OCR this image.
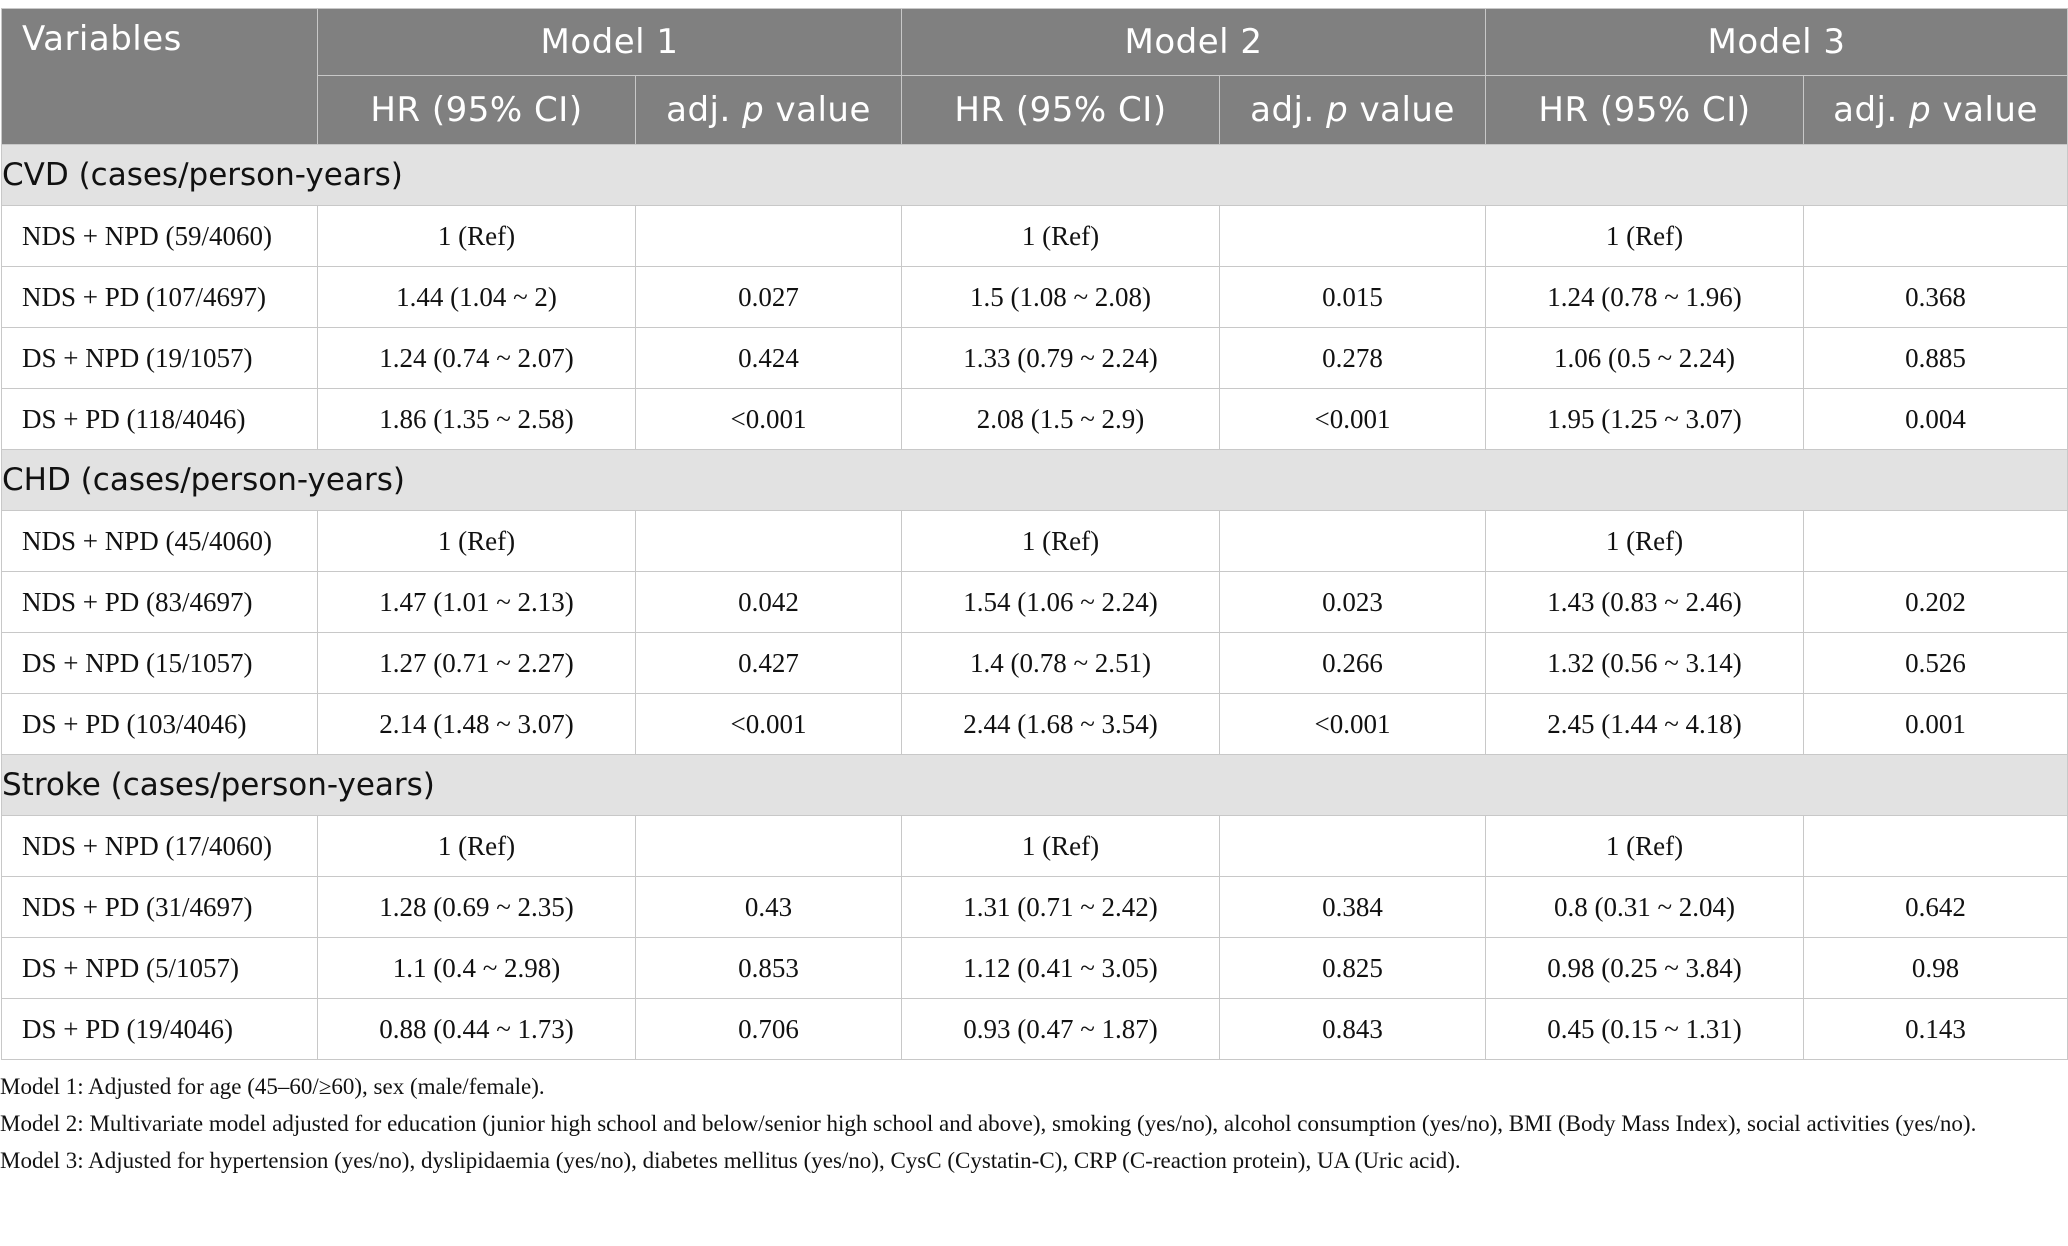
Variables	Model 1		Model 2		Model 3	
	HR (95% CI)	adj. p value	HR (95% CI)	adj. p value	HR (95% CI)	adj. p value
CVD (cases/person-years)						
NDS + NPD (59/4060)	1 (Ref)		1 (Ref)		1 (Ref)	
NDS + PD (107/4697)	1.44 (1.04 ~ 2)	0.027	1.5 (1.08 ~ 2.08)	0.015	1.24 (0.78 ~ 1.96)	0.368
DS + NPD (19/1057)	1.24 (0.74 ~ 2.07)	0.424	1.33 (0.79 ~ 2.24)	0.278	1.06 (0.5 ~ 2.24)	0.885
DS + PD (118/4046)	1.86 (1.35 ~ 2.58)	<0.001	2.08 (1.5 ~ 2.9)	<0.001	1.95 (1.25 ~ 3.07)	0.004
CHD (cases/person-years)						
NDS + NPD (45/4060)	1 (Ref)		1 (Ref)		1 (Ref)	
NDS + PD (83/4697)	1.47 (1.01 ~ 2.13)	0.042	1.54 (1.06 ~ 2.24)	0.023	1.43 (0.83 ~ 2.46)	0.202
DS + NPD (15/1057)	1.27 (0.71 ~ 2.27)	0.427	1.4 (0.78 ~ 2.51)	0.266	1.32 (0.56 ~ 3.14)	0.526
DS + PD (103/4046)	2.14 (1.48 ~ 3.07)	<0.001	2.44 (1.68 ~ 3.54)	<0.001	2.45 (1.44 ~ 4.18)	0.001
Stroke (cases/person-years)						
NDS + NPD (17/4060)	1 (Ref)		1 (Ref)		1 (Ref)	
NDS + PD (31/4697)	1.28 (0.69 ~ 2.35)	0.43	1.31 (0.71 ~ 2.42)	0.384	0.8 (0.31 ~ 2.04)	0.642
DS + NPD (5/1057)	1.1 (0.4 ~ 2.98)	0.853	1.12 (0.41 ~ 3.05)	0.825	0.98 (0.25 ~ 3.84)	0.98
DS + PD (19/4046)	0.88 (0.44 ~ 1.73)	0.706	0.93 (0.47 ~ 1.87)	0.843	0.45 (0.15 ~ 1.31)	0.143

Model 1: Adjusted for age (45–60/≥60), sex (male/female).

Model 2: Multivariate model adjusted for education (junior high school and below/senior high school and above), smoking (yes/no), alcohol consumption (yes/no), BMI (Body Mass Index), social activities (yes/no).

Model 3: Adjusted for hypertension (yes/no), dyslipidaemia (yes/no), diabetes mellitus (yes/no), CysC (Cystatin-C), CRP (C-reaction protein), UA (Uric acid).
